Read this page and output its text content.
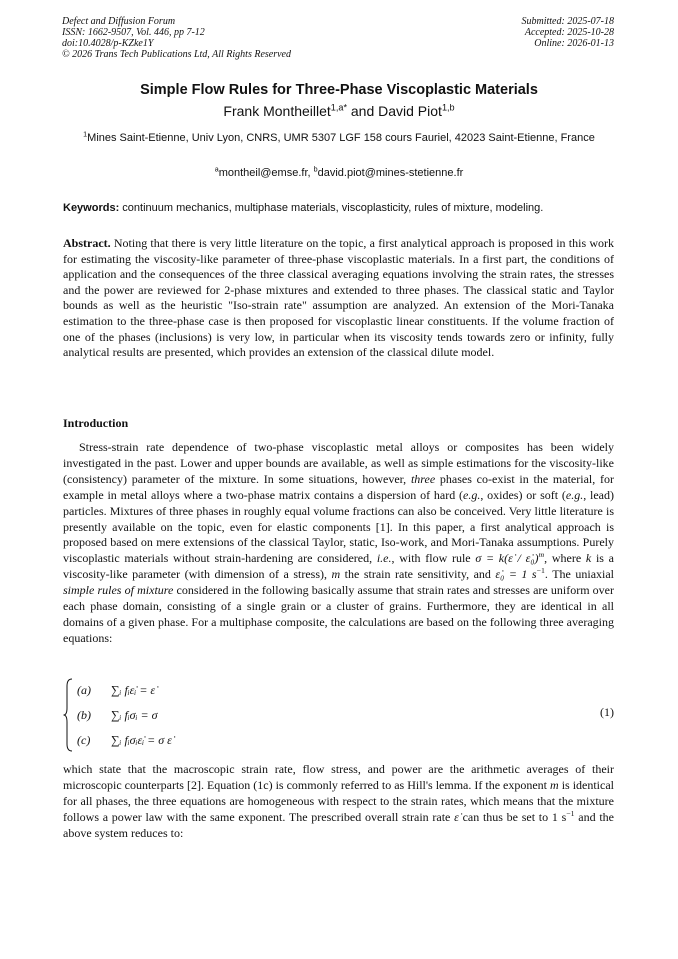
Defect and Diffusion Forum
ISSN: 1662-9507, Vol. 446, pp 7-12
doi:10.4028/p-KZke1Y
© 2026 Trans Tech Publications Ltd, All Rights Reserved
Submitted: 2025-07-18
Accepted: 2025-10-28
Online: 2026-01-13
Simple Flow Rules for Three-Phase Viscoplastic Materials
Frank Montheillet$^{1,a*}$ and David Piot$^{1,b}$
$^1$Mines Saint-Etienne, Univ Lyon, CNRS, UMR 5307 LGF 158 cours Fauriel, 42023 Saint-Etienne, France
$^a$montheil@emse.fr, $^b$david.piot@mines-stetienne.fr
Keywords: continuum mechanics, multiphase materials, viscoplasticity, rules of mixture, modeling.
Abstract. Noting that there is very little literature on the topic, a first analytical approach is proposed in this work for estimating the viscosity-like parameter of three-phase viscoplastic materials. In a first part, the conditions of application and the consequences of the three classical averaging equations involving the strain rates, the stresses and the power are reviewed for 2-phase mixtures and extended to three phases. The classical static and Taylor bounds as well as the heuristic "Iso-strain rate" assumption are analyzed. An extension of the Mori-Tanaka estimation to the three-phase case is then proposed for viscoplastic linear constituents. If the volume fraction of one of the phases (inclusions) is very low, in particular when its viscosity tends towards zero or infinity, fully analytical results are presented, which provides an extension of the classical dilute model.
Introduction

Stress-strain rate dependence of two-phase viscoplastic metal alloys or composites has been widely investigated in the past. Lower and upper bounds are available, as well as simple estimations for the viscosity-like (consistency) parameter of the mixture. In some situations, however, three phases co-exist in the material, for example in metal alloys where a two-phase matrix contains a dispersion of hard (e.g., oxides) or soft (e.g., lead) particles. Mixtures of three phases in roughly equal volume fractions can also be conceived. Very little literature is presently available on the topic, even for elastic components [1]. In this paper, a first analytical approach is proposed based on mere extensions of the classical Taylor, static, Iso-work, and Mori-Tanaka assumptions. Purely viscoplastic materials without strain-hardening are considered, i.e., with flow rule σ = k(ε̇ / ε̇₀)$^m$, where k is a viscosity-like parameter (with dimension of a stress), m the strain rate sensitivity, and ε̇₀ = 1 $s^{-1}$. The uniaxial simple rules of mixture considered in the following basically assume that strain rates and stresses are uniform over each phase domain, consisting of a single grain or a cluster of grains. Furthermore, they are identical in all domains of a given phase. For a multiphase composite, the calculations are based on the following three averaging equations:

(a) ∑ᵢ fᵢε̇ᵢ = ε̇
(b) ∑ᵢ fᵢσᵢ = σ
(c) ∑ᵢ fᵢσᵢε̇ᵢ = σ ε̇
(1)

which state that the macroscopic strain rate, flow stress, and power are the arithmetic averages of their microscopic counterparts [2]. Equation (1c) is commonly referred to as Hill's lemma. If the exponent m is identical for all phases, the three equations are homogeneous with respect to the strain rates, which means that the mixture follows a power law with the same exponent. The prescribed overall strain rate ε̇ can thus be set to 1 $s^{-1}$ and the above system reduces to:
